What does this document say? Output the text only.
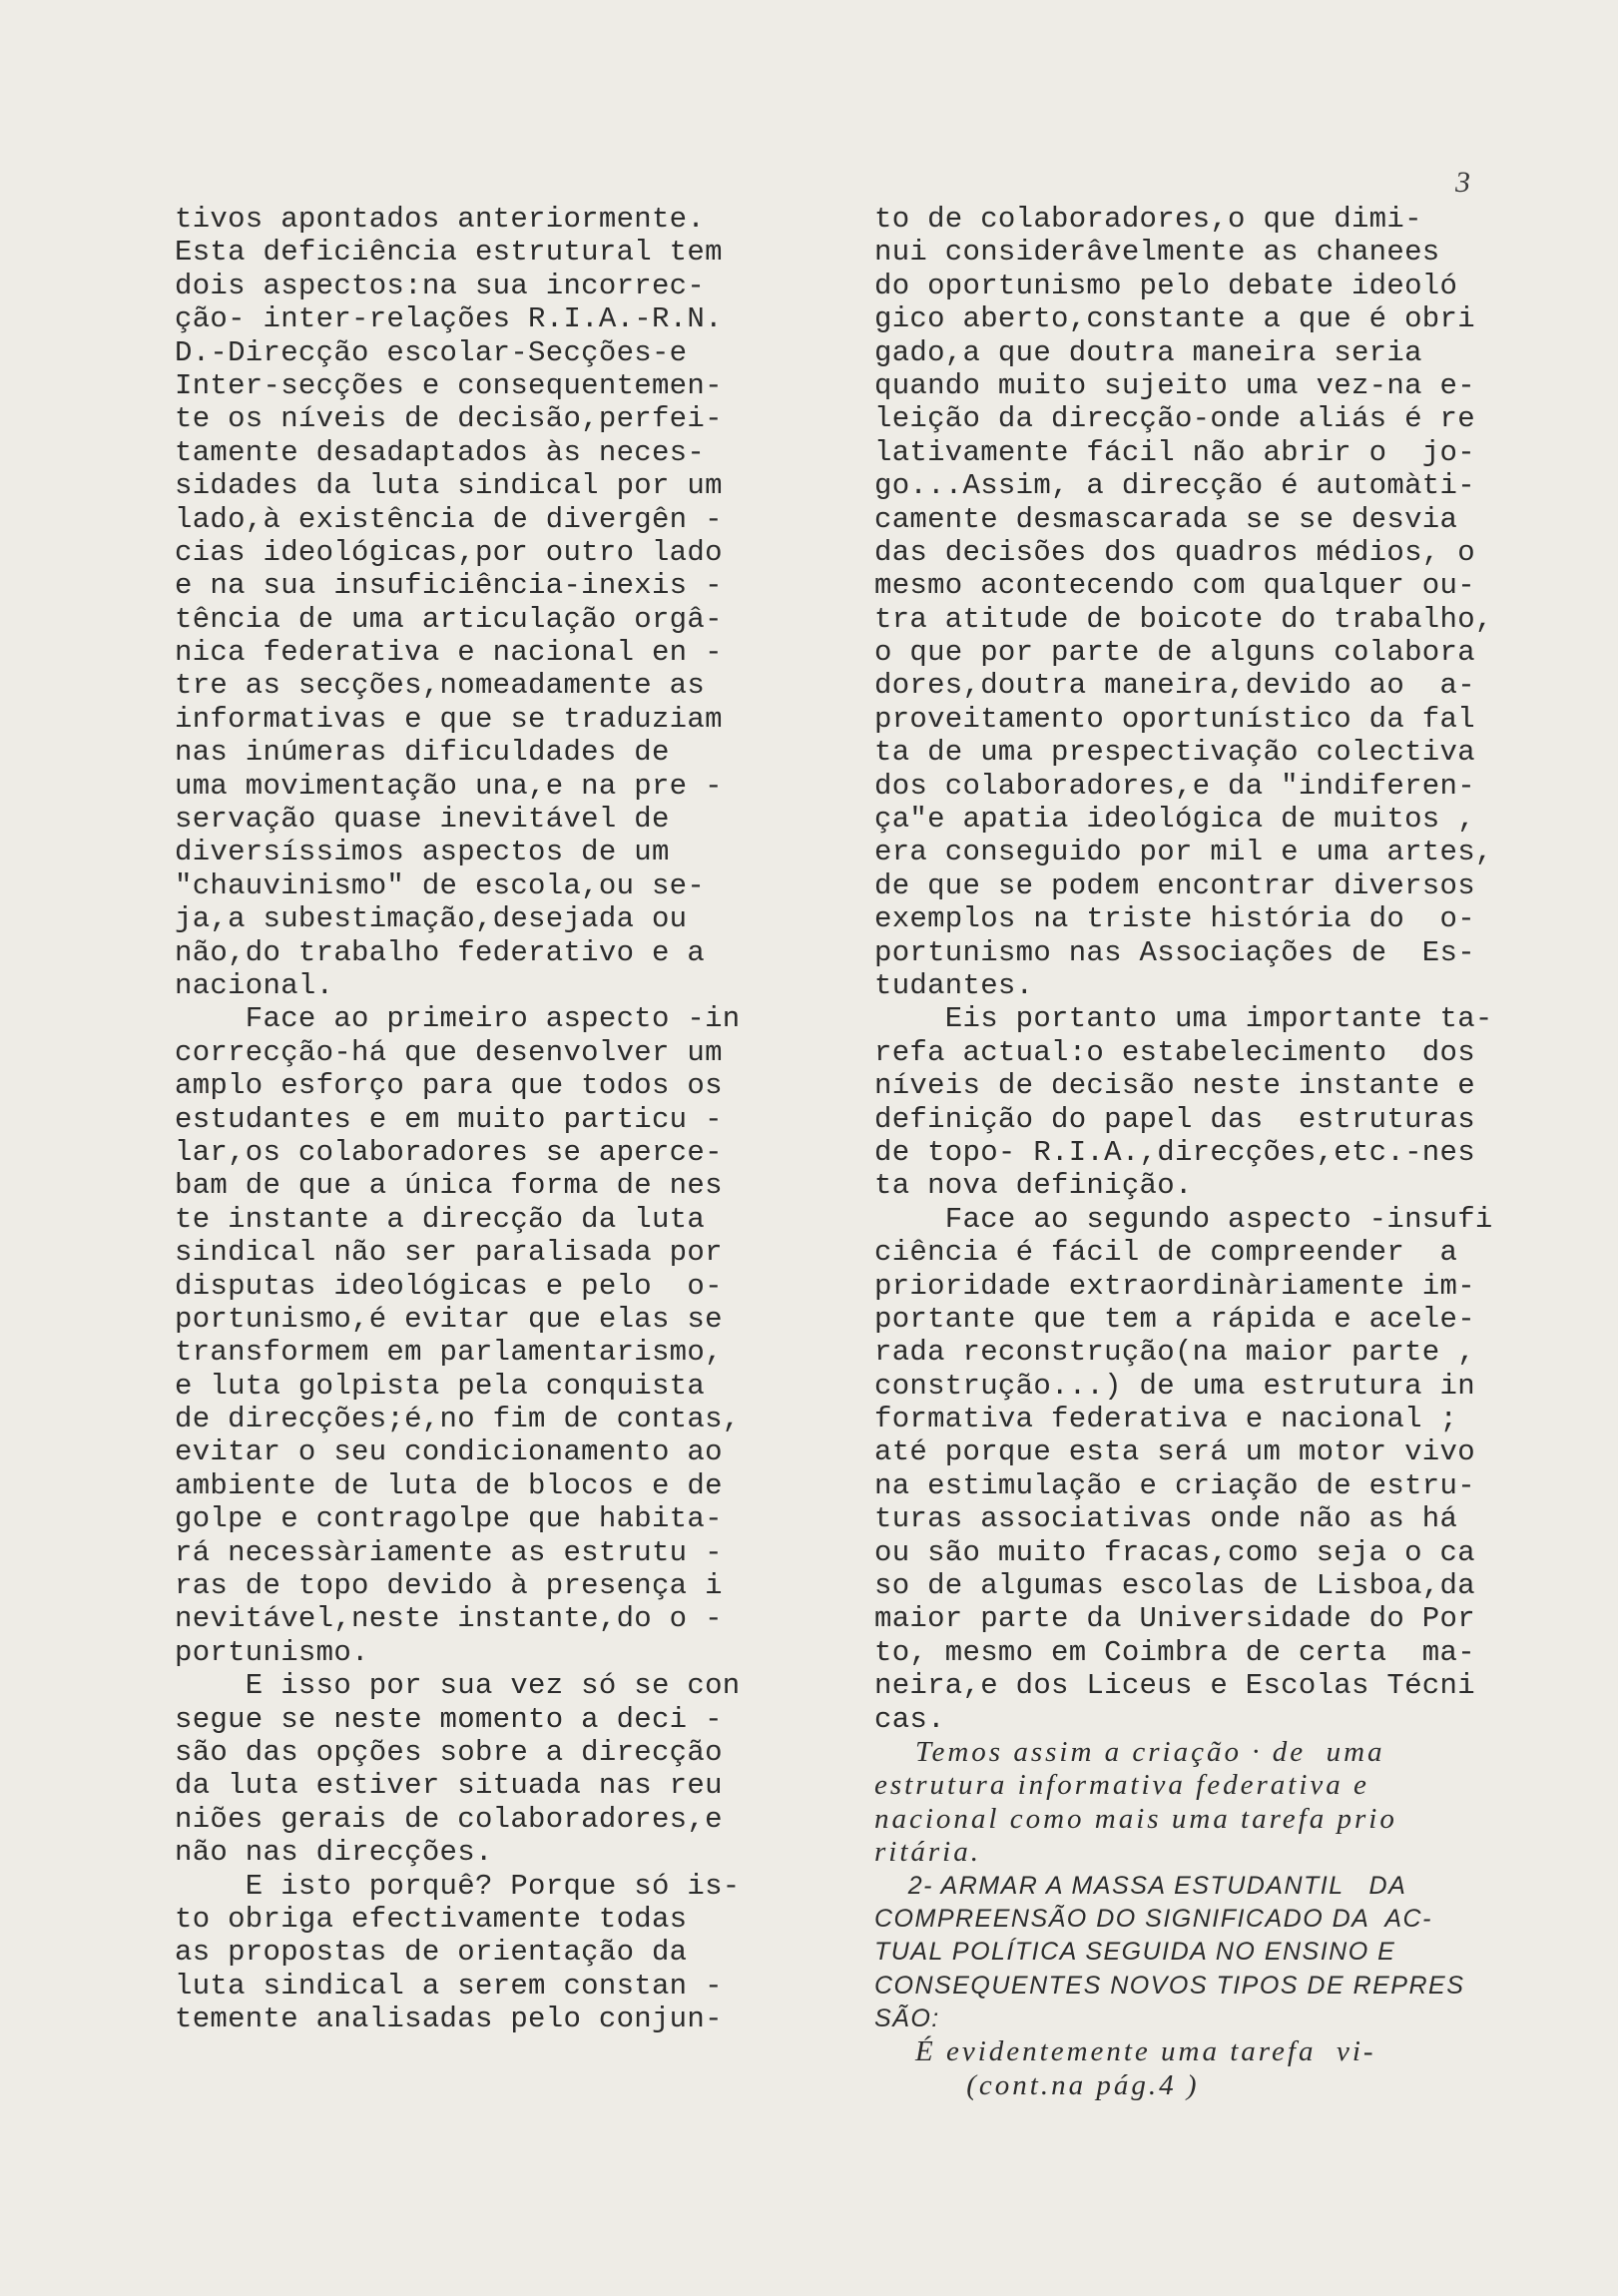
3
tivos apontados anteriormente.
Esta deficiência estrutural tem
dois aspectos:na sua incorrec-
ção- inter-relações R.I.A.-R.N.
D.-Direcção escolar-Secções-e
Inter-secções e consequentemen-
te os níveis de decisão,perfei-
tamente desadaptados às neces-
sidades da luta sindical por um
lado,à existência de divergên -
cias ideológicas,por outro lado
e na sua insuficiência-inexis -
tência de uma articulação orgâ-
nica federativa e nacional en -
tre as secções,nomeadamente as
informativas e que se traduziam
nas inúmeras dificuldades de
uma movimentação una,e na pre -
servação quase inevitável de
diversíssimos aspectos de um
"chauvinismo" de escola,ou se-
ja,a subestimação,desejada ou
não,do trabalho federativo e a
nacional.
Face ao primeiro aspecto -in
correcção-há que desenvolver um
amplo esforço para que todos os
estudantes e em muito particu -
lar,os colaboradores se aperce-
bam de que a única forma de nes
te instante a direcção da luta
sindical não ser paralisada por
disputas ideológicas e pelo  o-
portunismo,é evitar que elas se
transformem em parlamentarismo,
e luta golpista pela conquista
de direcções;é,no fim de contas,
evitar o seu condicionamento ao
ambiente de luta de blocos e de
golpe e contragolpe que habita-
rá necessàriamente as estrutu -
ras de topo devido à presença i
nevitável,neste instante,do o -
portunismo.
E isso por sua vez só se con
segue se neste momento a deci -
são das opções sobre a direcção
da luta estiver situada nas reu
niões gerais de colaboradores,e
não nas direcções.
E isto porquê? Porque só is-
to obriga efectivamente todas
as propostas de orientação da
luta sindical a serem constan -
temente analisadas pelo conjun-
to de colaboradores,o que dimi-
nui considerâvelmente as chanees
do oportunismo pelo debate ideoló
gico aberto,constante a que é obri
gado,a que doutra maneira seria
quando muito sujeito uma vez-na e-
leição da direcção-onde aliás é re
lativamente fácil não abrir o  jo-
go...Assim, a direcção é automàti-
camente desmascarada se se desvia
das decisões dos quadros médios, o
mesmo acontecendo com qualquer ou-
tra atitude de boicote do trabalho,
o que por parte de alguns colabora
dores,doutra maneira,devido ao  a-
proveitamento oportunístico da fal
ta de uma prespectivação colectiva
dos colaboradores,e da "indiferen-
ça"e apatia ideológica de muitos ,
era conseguido por mil e uma artes,
de que se podem encontrar diversos
exemplos na triste história do  o-
portunismo nas Associações de  Es-
tudantes.
Eis portanto uma importante ta-
refa actual:o estabelecimento  dos
níveis de decisão neste instante e
definição do papel das  estruturas
de topo- R.I.A.,direcções,etc.-nes
ta nova definição.
Face ao segundo aspecto -insufi
ciência é fácil de compreender  a
prioridade extraordinàriamente im-
portante que tem a rápida e acele-
rada reconstrução(na maior parte ,
construção...) de uma estrutura in
formativa federativa e nacional ;
até porque esta será um motor vivo
na estimulação e criação de estru-
turas associativas onde não as há
ou são muito fracas,como seja o ca
so de algumas escolas de Lisboa,da
maior parte da Universidade do Por
to, mesmo em Coimbra de certa  ma-
neira,e dos Liceus e Escolas Técni
cas.
Temos assim a criação · de  uma
estrutura informativa federativa e
nacional como mais uma tarefa prio
ritária.
2- ARMAR A MASSA ESTUDANTIL   DA
COMPREENSÃO DO SIGNIFICADO DA  AC-
TUAL POLÍTICA SEGUIDA NO ENSINO E
CONSEQUENTES NOVOS TIPOS DE REPRES
SÃO:
É evidentemente uma tarefa  vi-
(cont.na pág.4 )
